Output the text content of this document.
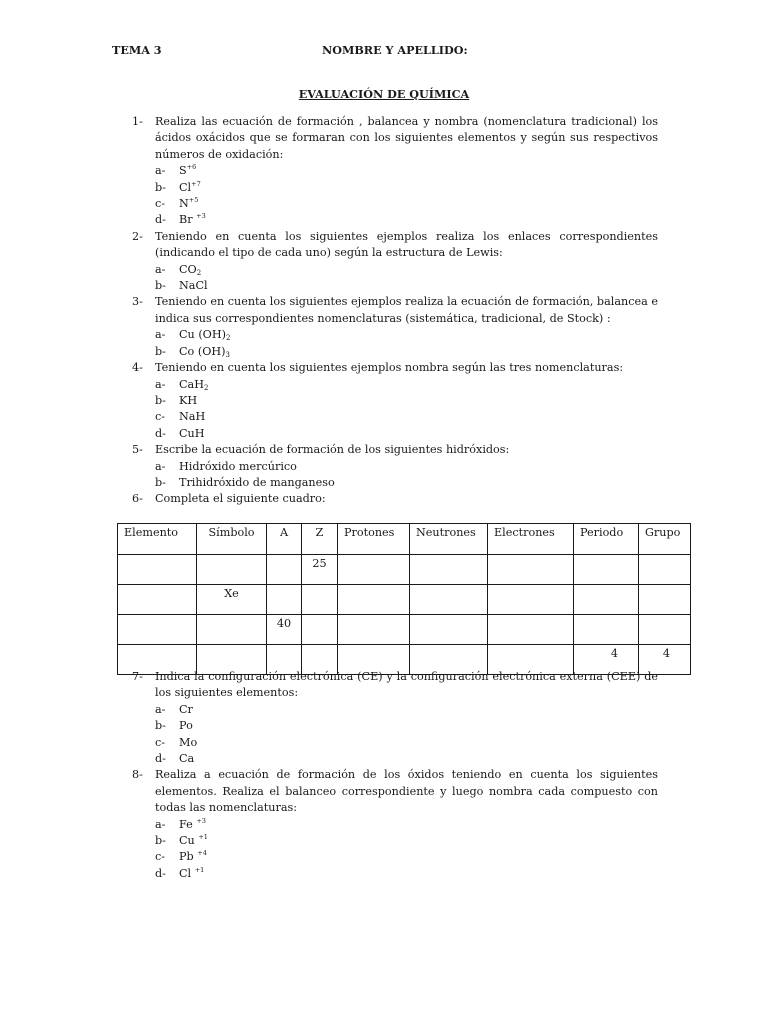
TEMA 3	NOMBRE Y APELLIDO:
EVALUACIÓN DE QUÍMICA
1- Realiza las ecuación de formación , balancea y nombra (nomenclatura tradicional) los ácidos oxácidos que se formaran con los siguientes elementos y según sus respectivos números de oxidación:
a- $S^{+6}$
b- $Cl^{+7}$
c- $N^{+5}$
d- Br $^{+3}$
2- Teniendo en cuenta los siguientes ejemplos realiza los enlaces correspondientes (indicando el tipo de cada uno) según la estructura de Lewis:
a- $CO_2$
b- NaCl
3- Teniendo en cuenta los siguientes ejemplos realiza la ecuación de formación, balancea e indica sus correspondientes nomenclaturas (sistemática, tradicional, de Stock) :
a- Cu $(OH)_2$
b- Co $(OH)_3$
4- Teniendo en cuenta los siguientes ejemplos nombra según las tres nomenclaturas:
a- CaH$_2$
b- KH
c- NaH
d- CuH
5- Escribe la ecuación de formación de los siguientes hidróxidos:
a- Hidróxido mercúrico
b- Trihidróxido de manganeso
6- Completa el siguiente cuadro:
Elemento	Símbolo	A	Z	Protones	Neutrones	Electrones	Periodo	Grupo
			25					
	Xe							
		40						
							4	4
7- Indica la configuración electrónica (CE) y la configuración electrónica externa (CEE) de los siguientes elementos:
a- Cr
b- Po
c- Mo
d- Ca
8- Realiza a ecuación de formación de los óxidos teniendo en cuenta los siguientes elementos. Realiza el balanceo correspondiente y luego nombra cada compuesto con todas las nomenclaturas:
a- Fe $^{+3}$
b- Cu $^{+1}$
c- Pb $^{+4}$
d- Cl $^{+1}$
